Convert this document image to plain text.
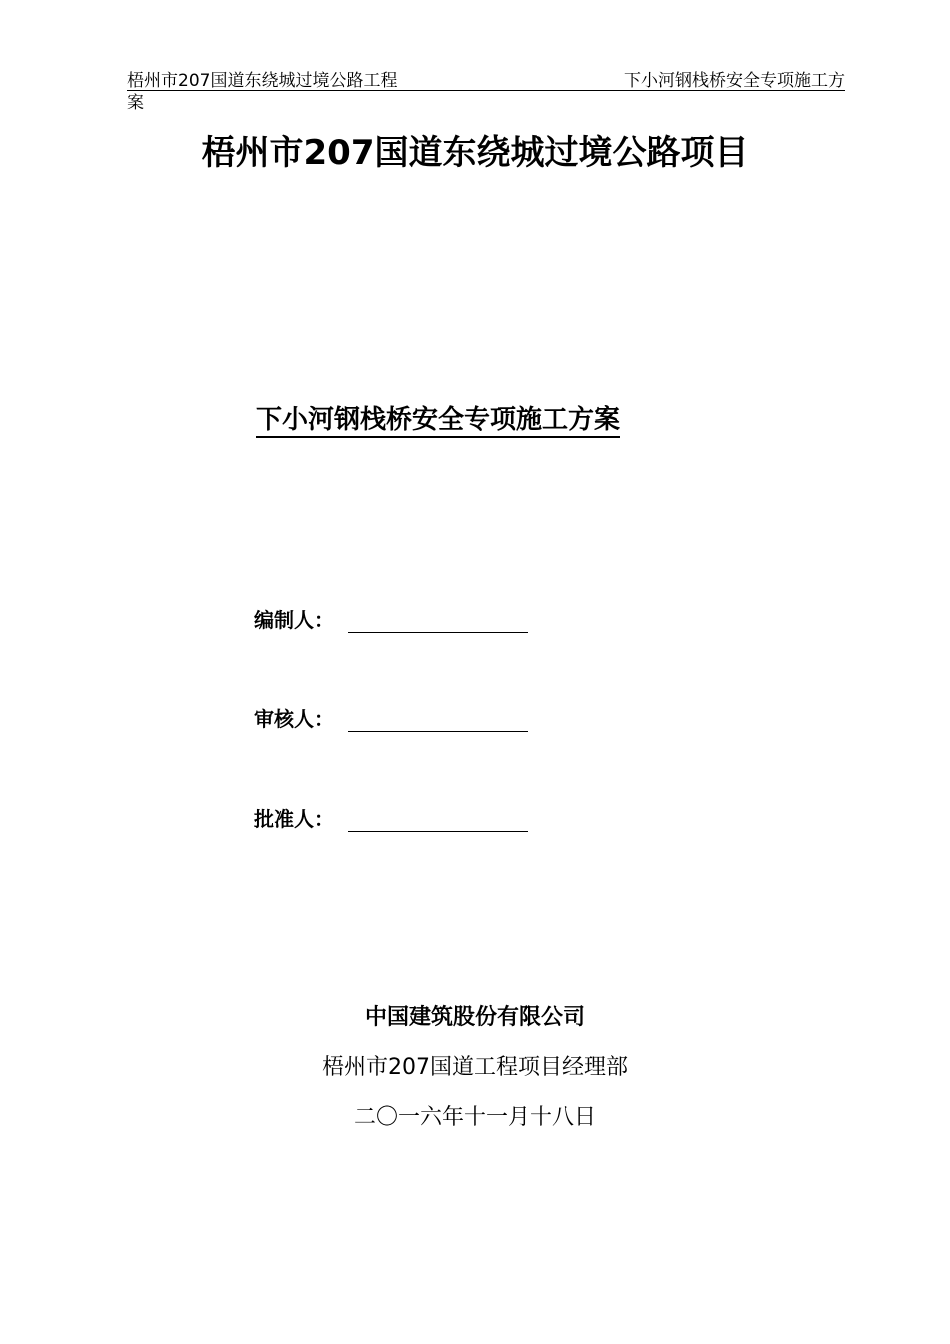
梧州市207国道东绕城过境公路工程	下小河钢栈桥安全专项施工方
案
梧州市207国道东绕城过境公路项目
下小河钢栈桥安全专项施工方案
编制人：
审核人：
批准人：
中国建筑股份有限公司
梧州市207国道工程项目经理部
二〇一六年十一月十八日
